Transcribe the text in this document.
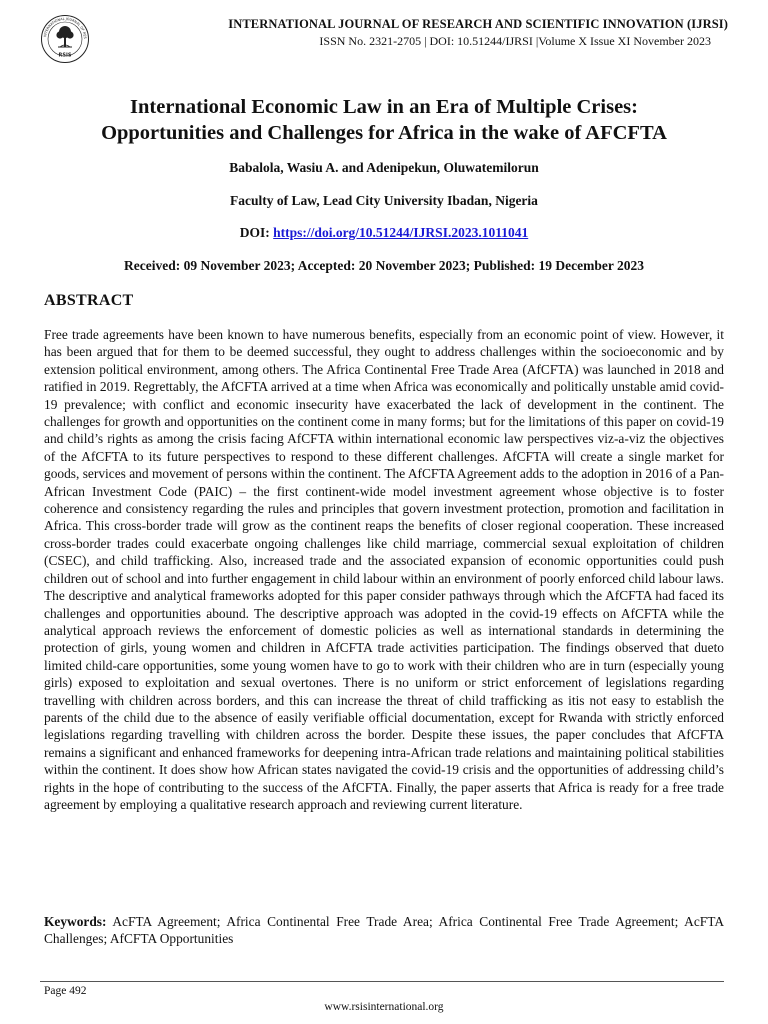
INTERNATIONAL JOURNAL OF RES
RSIS
INTERNATIONAL JOURNAL OF RESEARCH AND SCIENTIFIC INNOVATION (IJRSI)
ISSN No. 2321-2705 | DOI: 10.51244/IJRSI |Volume X Issue XI November 2023
International Economic Law in an Era of Multiple Crises:
Opportunities and Challenges for Africa in the wake of AFCFTA
Babalola, Wasiu A. and Adenipekun, Oluwatemilorun
Faculty of Law, Lead City University Ibadan, Nigeria
DOI: https://doi.org/10.51244/IJRSI.2023.1011041
Received: 09 November 2023; Accepted: 20 November 2023; Published: 19 December 2023
ABSTRACT
Free trade agreements have been known to have numerous benefits, especially from an economic point of view. However, it has been argued that for them to be deemed successful, they ought to address challenges within the socioeconomic and by extension political environment, among others. The Africa Continental Free Trade Area (AfCFTA) was launched in 2018 and ratified in 2019. Regrettably, the AfCFTA arrived at a time when Africa was economically and politically unstable amid covid-19 prevalence; with conflict and economic insecurity have exacerbated the lack of development in the continent. The challenges for growth and opportunities on the continent come in many forms; but for the limitations of this paper on covid-19 and child’s rights as among the crisis facing AfCFTA within international economic law perspectives viz-a-viz the objectives of the AfCFTA to its future perspectives to respond to these different challenges. AfCFTA will create a single market for goods, services and movement of persons within the continent. The AfCFTA Agreement adds to the adoption in 2016 of a Pan-African Investment Code (PAIC) – the first continent-wide model investment agreement whose objective is to foster coherence and consistency regarding the rules and principles that govern investment protection, promotion and facilitation in Africa. This cross-border trade will grow as the continent reaps the benefits of closer regional cooperation. These increased cross-border trades could exacerbate ongoing challenges like child marriage, commercial sexual exploitation of children (CSEC), and child trafficking. Also, increased trade and the associated expansion of economic opportunities could push children out of school and into further engagement in child labour within an environment of poorly enforced child labour laws. The descriptive and analytical frameworks adopted for this paper consider pathways through which the AfCFTA had faced its challenges and opportunities abound. The descriptive approach was adopted in the covid-19 effects on AfCFTA while the analytical approach reviews the enforcement of domestic policies as well as international standards in determining the protection of girls, young women and children in AfCFTA trade activities participation. The findings observed that dueto limited child-care opportunities, some young women have to go to work with their children who are in turn (especially young girls) exposed to exploitation and sexual overtones. There is no uniform or strict enforcement of legislations regarding travelling with children across borders, and this can increase the threat of child trafficking as itis not easy to establish the parents of the child due to the absence of easily verifiable official documentation, except for Rwanda with strictly enforced legislations regarding travelling with children across the border. Despite these issues, the paper concludes that AfCFTA remains a significant and enhanced frameworks for deepening intra-African trade relations and maintaining political stabilities within the continent. It does show how African states navigated the covid-19 crisis and the opportunities of addressing child’s rights in the hope of contributing to the success of the AfCFTA. Finally, the paper asserts that Africa is ready for a free trade agreement by employing a qualitative research approach and reviewing current literature.
Keywords: AcFTA Agreement; Africa Continental Free Trade Area; Africa Continental Free Trade Agreement; AcFTA Challenges; AfCFTA Opportunities
Page 492
www.rsisinternational.org
